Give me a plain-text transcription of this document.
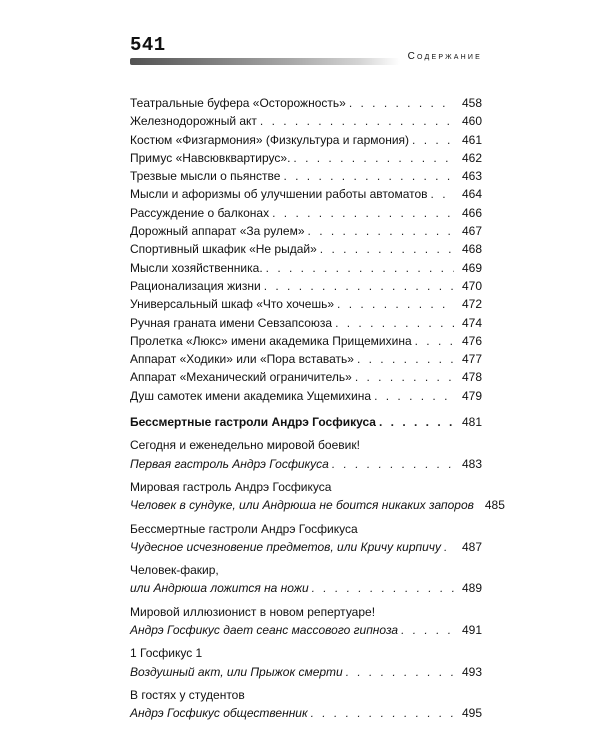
541
Содержание
Театральные буфера «Осторожность» . . .	458
Железнодорожный акт . . .	460
Костюм «Физгармония» (Физкультура и гармония) . . .	461
Примус «Навсювквартирус». . . .	462
Трезвые мысли о пьянстве . . .	463
Мысли и афоризмы об улучшении работы автоматов . . .	464
Рассуждение о балконах . . .	466
Дорожный аппарат «За рулем» . . .	467
Спортивный шкафик «Не рыдай» . . .	468
Мысли хозяйственника. . . .	469
Рационализация жизни . . .	470
Универсальный шкаф «Что хочешь» . . .	472
Ручная граната имени Севзапсоюза . . .	474
Пролетка «Люкс» имени академика Прищемихина . . .	476
Аппарат «Ходики» или «Пора вставать» . . .	477
Аппарат «Механический ограничитель» . . .	478
Душ самотек имени академика Ущемихина . . .	479
Бессмертные гастроли Андрэ Госфикуса . . .	481
Сегодня и еженедельно мировой боевик!
Первая гастроль Андрэ Госфикуса . . .	483
Мировая гастроль Андрэ Госфикуса
Человек в сундуке, или Андрюша не боится никаких запоров 485
Бессмертные гастроли Андрэ Госфикуса
Чудесное исчезновение предметов, или Кричу кирпичу . . .	487
Человек-факир,
или Андрюша ложится на ножи . . .	489
Мировой иллюзионист в новом репертуаре!
Андрэ Госфикус дает сеанс массового гипноза . . .	491
1 Госфикус 1
Воздушный акт, или Прыжок смерти . . .	493
В гостях у студентов
Андрэ Госфикус общественник . . .	495
